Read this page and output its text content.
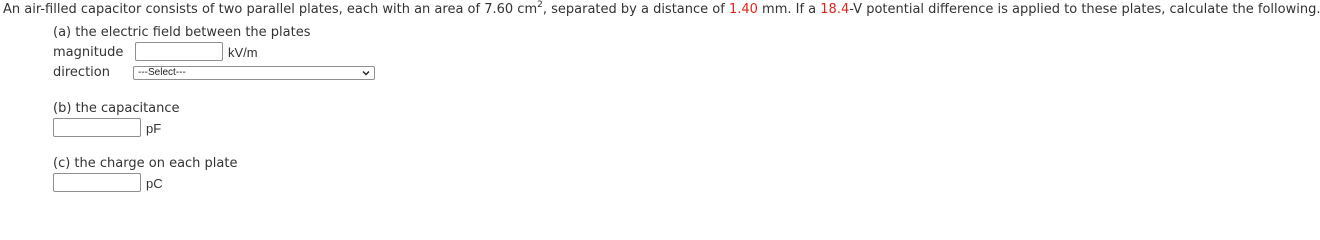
An air-filled capacitor consists of two parallel plates, each with an area of 7.60 $cm^2$, separated by a distance of 1.40 mm. If a 18.4-V potential difference is applied to these plates, calculate the following.
(a) the electric field between the plates
magnitude	kV/m
direction	---Select---
(b) the capacitance
pF
(c) the charge on each plate
pC
